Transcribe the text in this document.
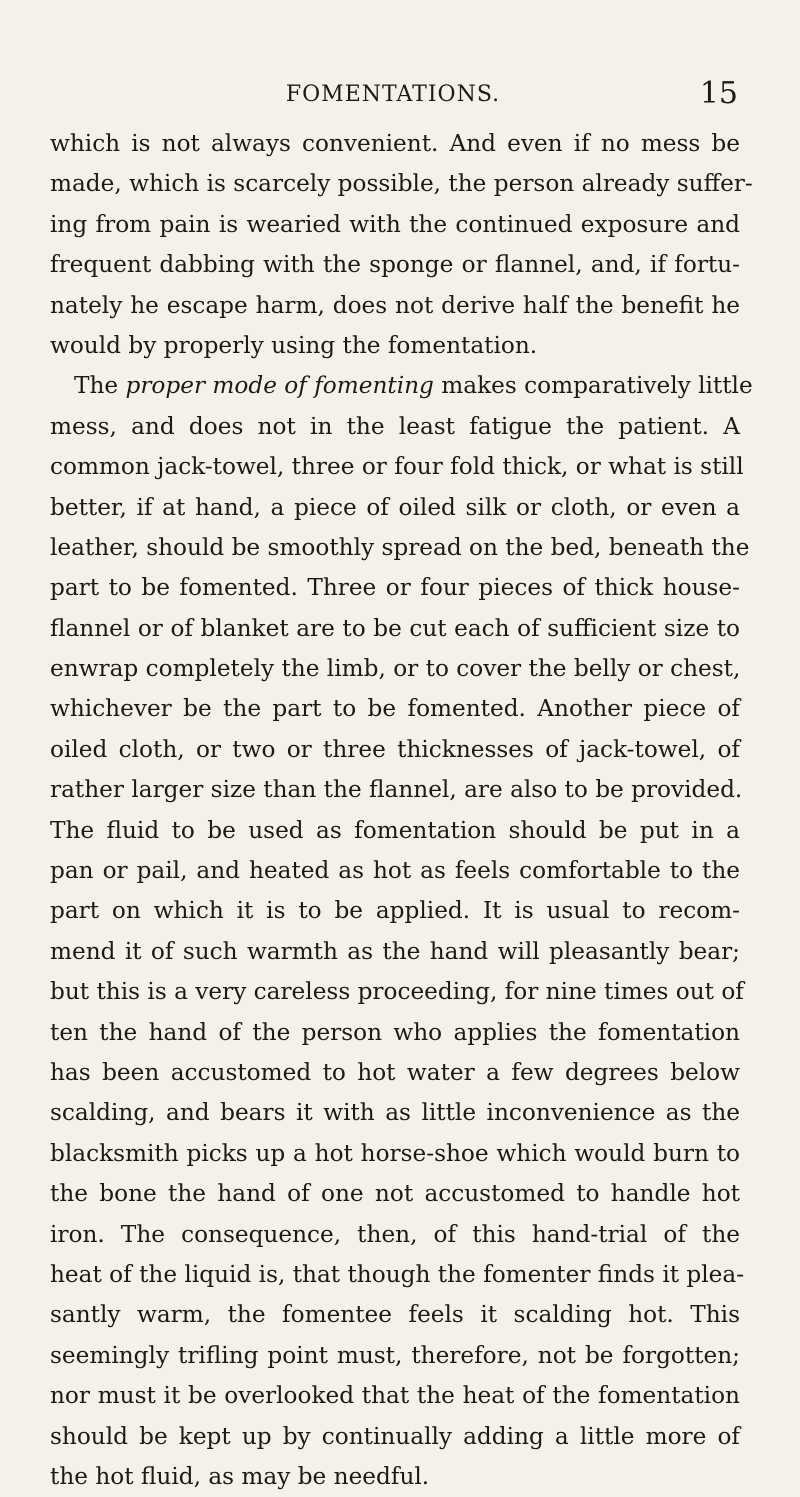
FOMENTATIONS.	15
which is not always convenient. And even if no mess be
made, which is scarcely possible, the person already suffer-
ing from pain is wearied with the continued exposure and
frequent dabbing with the sponge or flannel, and, if fortu-
nately he escape harm, does not derive half the benefit he
would by properly using the fomentation.
The proper mode of fomenting makes comparatively little
mess, and does not in the least fatigue the patient. A
common jack-towel, three or four fold thick, or what is still
better, if at hand, a piece of oiled silk or cloth, or even a
leather, should be smoothly spread on the bed, beneath the
part to be fomented. Three or four pieces of thick house-
flannel or of blanket are to be cut each of sufficient size to
enwrap completely the limb, or to cover the belly or chest,
whichever be the part to be fomented. Another piece of
oiled cloth, or two or three thicknesses of jack-towel, of
rather larger size than the flannel, are also to be provided.
The fluid to be used as fomentation should be put in a
pan or pail, and heated as hot as feels comfortable to the
part on which it is to be applied. It is usual to recom-
mend it of such warmth as the hand will pleasantly bear;
but this is a very careless proceeding, for nine times out of
ten the hand of the person who applies the fomentation
has been accustomed to hot water a few degrees below
scalding, and bears it with as little inconvenience as the
blacksmith picks up a hot horse-shoe which would burn to
the bone the hand of one not accustomed to handle hot
iron. The consequence, then, of this hand-trial of the
heat of the liquid is, that though the fomenter finds it plea-
santly warm, the fomentee feels it scalding hot. This
seemingly trifling point must, therefore, not be forgotten;
nor must it be overlooked that the heat of the fomentation
should be kept up by continually adding a little more of
the hot fluid, as may be needful.
